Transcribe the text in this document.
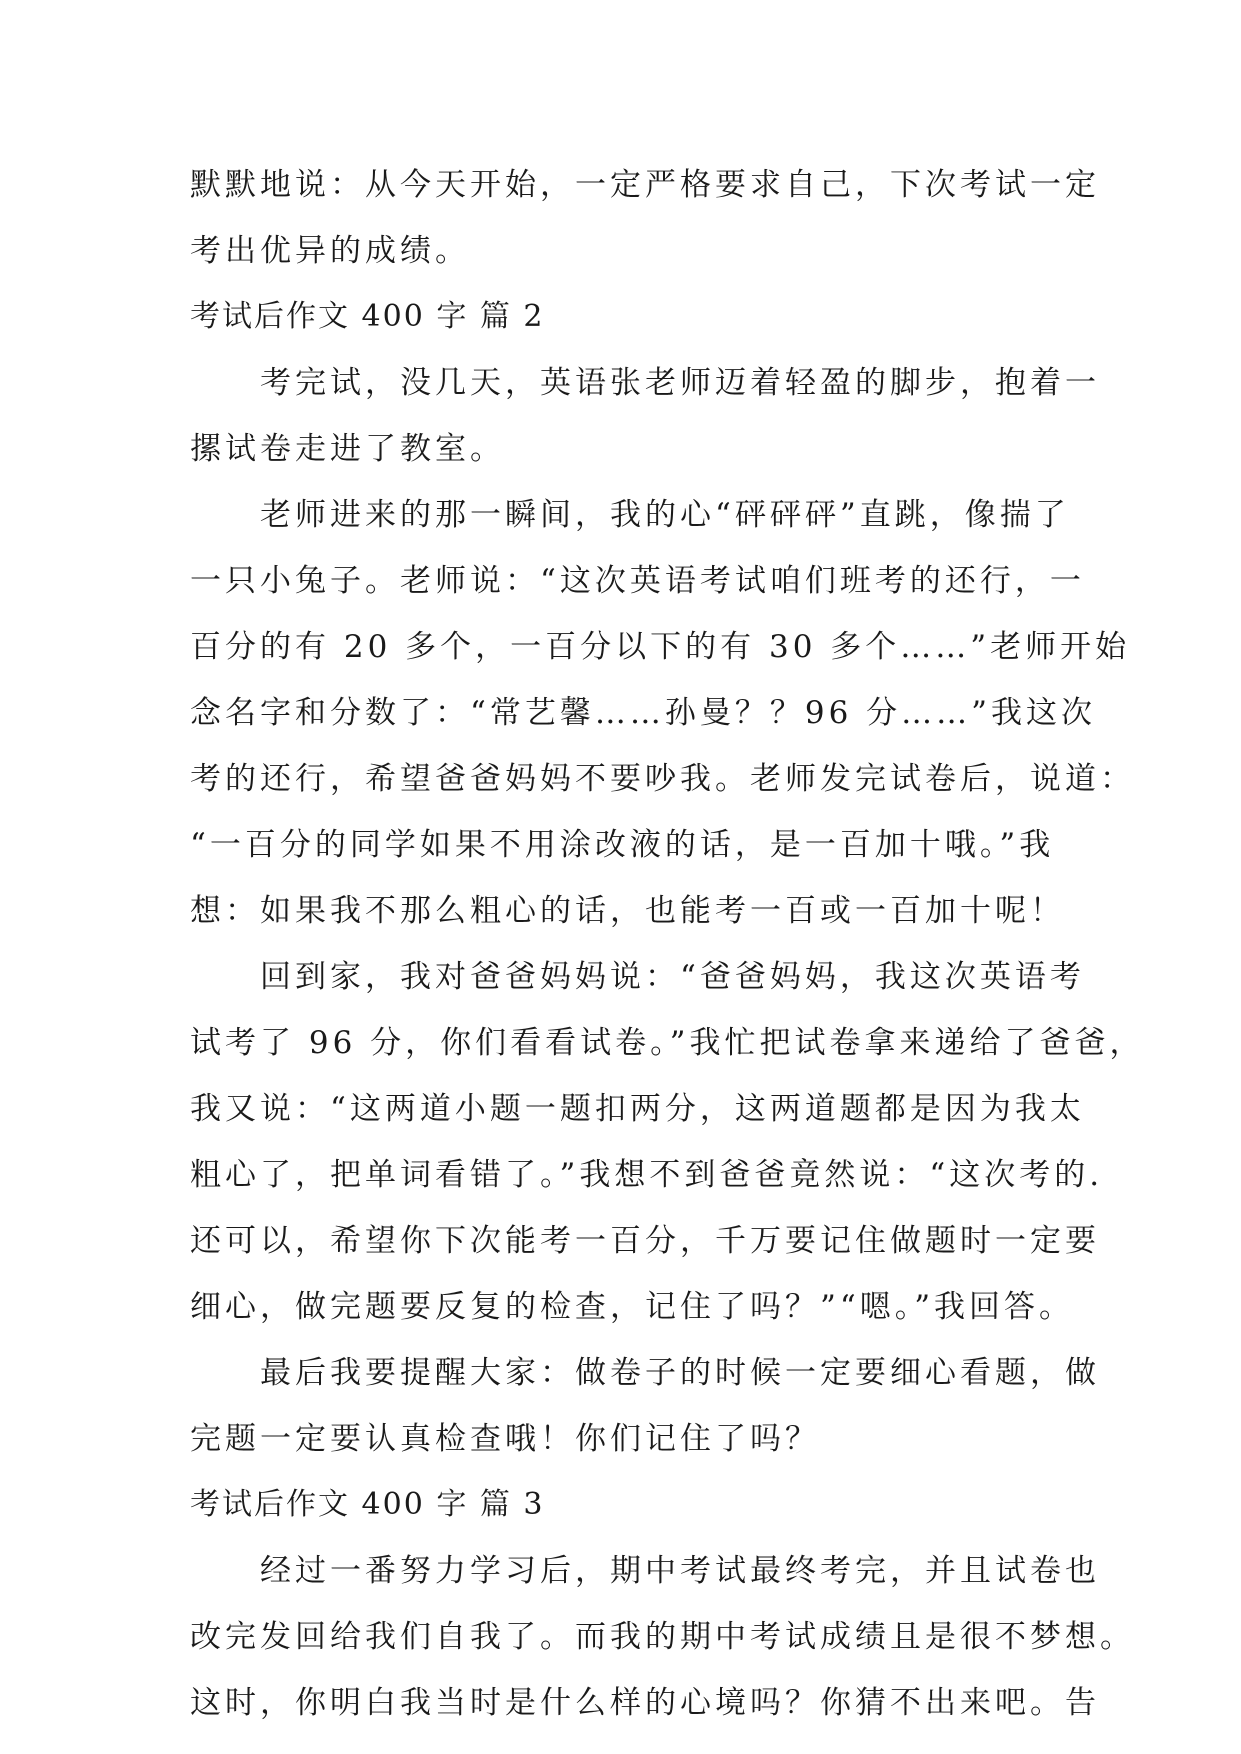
默默地说：从今天开始，一定严格要求自己，下次考试一定
考出优异的成绩。
考试后作文 400 字 篇 2
　　考完试，没几天，英语张老师迈着轻盈的脚步，抱着一
摞试卷走进了教室。
　　老师进来的那一瞬间，我的心“砰砰砰”直跳，像揣了
一只小兔子。老师说：“这次英语考试咱们班考的还行，一
百分的有 20 多个，一百分以下的有 30 多个……”老师开始
念名字和分数了：“常艺馨……孙曼？？96 分……”我这次
考的还行，希望爸爸妈妈不要吵我。老师发完试卷后，说道：
“一百分的同学如果不用涂改液的话，是一百加十哦。”我
想：如果我不那么粗心的话，也能考一百或一百加十呢！
　　回到家，我对爸爸妈妈说：“爸爸妈妈，我这次英语考
试考了 96 分，你们看看试卷。”我忙把试卷拿来递给了爸爸，
我又说：“这两道小题一题扣两分，这两道题都是因为我太
粗心了，把单词看错了。”我想不到爸爸竟然说：“这次考的.
还可以，希望你下次能考一百分，千万要记住做题时一定要
细心，做完题要反复的检查，记住了吗？”“嗯。”我回答。
　　最后我要提醒大家：做卷子的时候一定要细心看题，做
完题一定要认真检查哦！你们记住了吗？
考试后作文 400 字 篇 3
　　经过一番努力学习后，期中考试最终考完，并且试卷也
改完发回给我们自我了。而我的期中考试成绩且是很不梦想。
这时，你明白我当时是什么样的心境吗？你猜不出来吧。告
